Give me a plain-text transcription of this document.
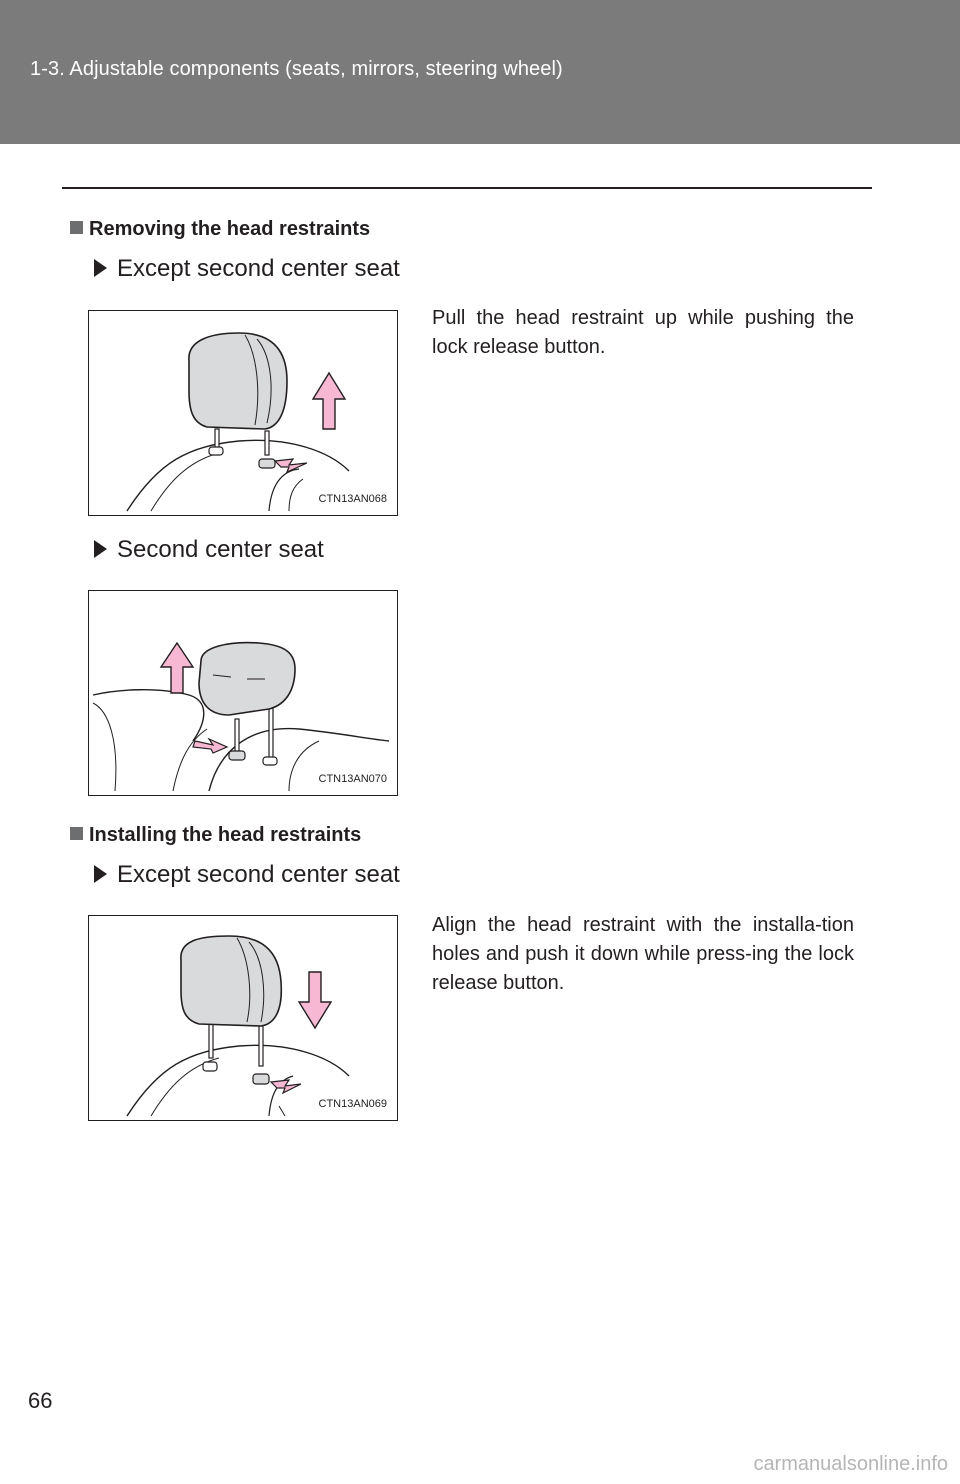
1-3. Adjustable components (seats, mirrors, steering wheel)
Removing the head restraints
Except second center seat
CTN13AN068
Pull the head restraint up while pushing the lock release button.
Second center seat
CTN13AN070
Installing the head restraints
Except second center seat
CTN13AN069
Align the head restraint with the installa-tion holes and push it down while press-ing the lock release button.
66
carmanualsonline.info
